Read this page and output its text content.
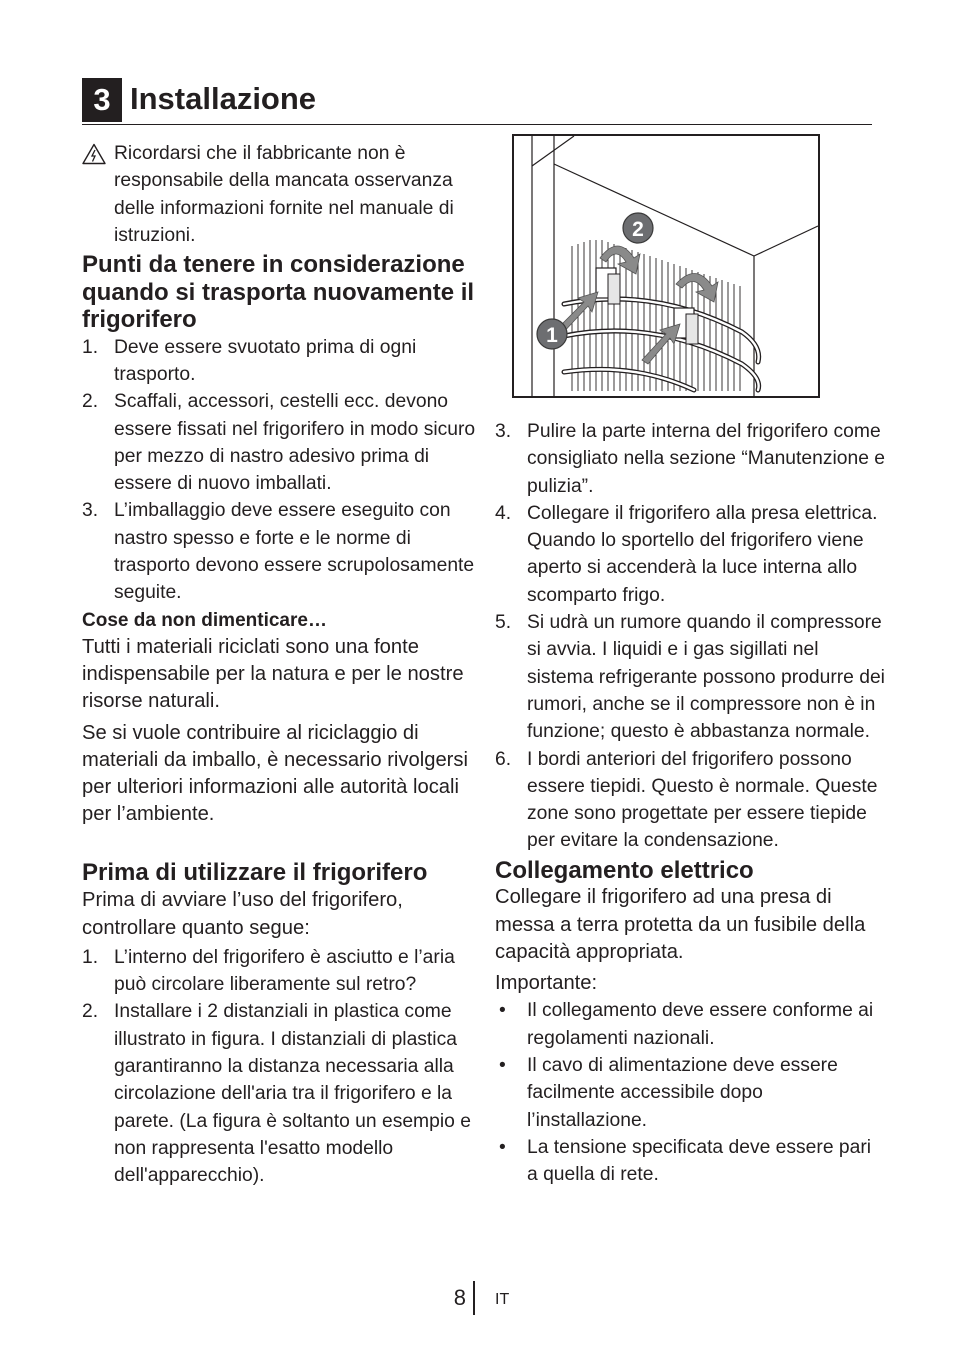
3 Installazione
Ricordarsi che il fabbricante non è responsabile della mancata osservanza delle informazioni fornite nel manuale di istruzioni.
Punti da tenere in considerazione quando si trasporta nuovamente il frigorifero
1. Deve essere svuotato prima di ogni trasporto.
2. Scaffali, accessori, cestelli ecc. devono essere fissati nel frigorifero in modo sicuro per mezzo di nastro adesivo prima di essere di nuovo imballati.
3. L’imballaggio deve essere eseguito con nastro spesso e forte e le norme di trasporto devono essere scrupolosamente seguite.
Cose da non dimenticare…

Tutti i materiali riciclati sono una fonte indispensabile per la natura e per le nostre risorse naturali.

Se si vuole contribuire al riciclaggio di materiali da imballo, è necessario rivolgersi per ulteriori informazioni alle autorità locali per l’ambiente.

Prima di utilizzare il frigorifero

Prima di avviare l’uso del frigorifero, controllare quanto segue:

1. L’interno del frigorifero è asciutto e l’aria può circolare liberamente sul retro?
2. Installare i 2 distanziali in plastica come illustrato in figura. I distanziali di plastica garantiranno la distanza necessaria alla circolazione dell'aria tra il frigorifero e la parete. (La figura è soltanto un esempio e non rappresenta l'esatto modello dell'apparecchio).
2
1
3. Pulire la parte interna del frigorifero come consigliato nella sezione “Manutenzione e pulizia”.
4. Collegare il frigorifero alla presa elettrica. Quando lo sportello del frigorifero viene aperto si accenderà la luce interna allo scomparto frigo.
5. Si udrà un rumore quando il compressore si avvia. I liquidi e i gas sigillati nel sistema refrigerante possono produrre dei rumori, anche se il compressore non è in funzione; questo è abbastanza normale.
6. I bordi anteriori del frigorifero possono essere tiepidi. Questo è normale. Queste zone sono progettate per essere tiepide per evitare la condensazione.
Collegamento elettrico

Collegare il frigorifero ad una presa di messa a terra protetta da un fusibile della capacità appropriata.

Importante:

• Il collegamento deve essere conforme ai regolamenti nazionali.
• Il cavo di alimentazione deve essere facilmente accessibile dopo l’installazione.
• La tensione specificata deve essere pari a quella di rete.
8 IT
